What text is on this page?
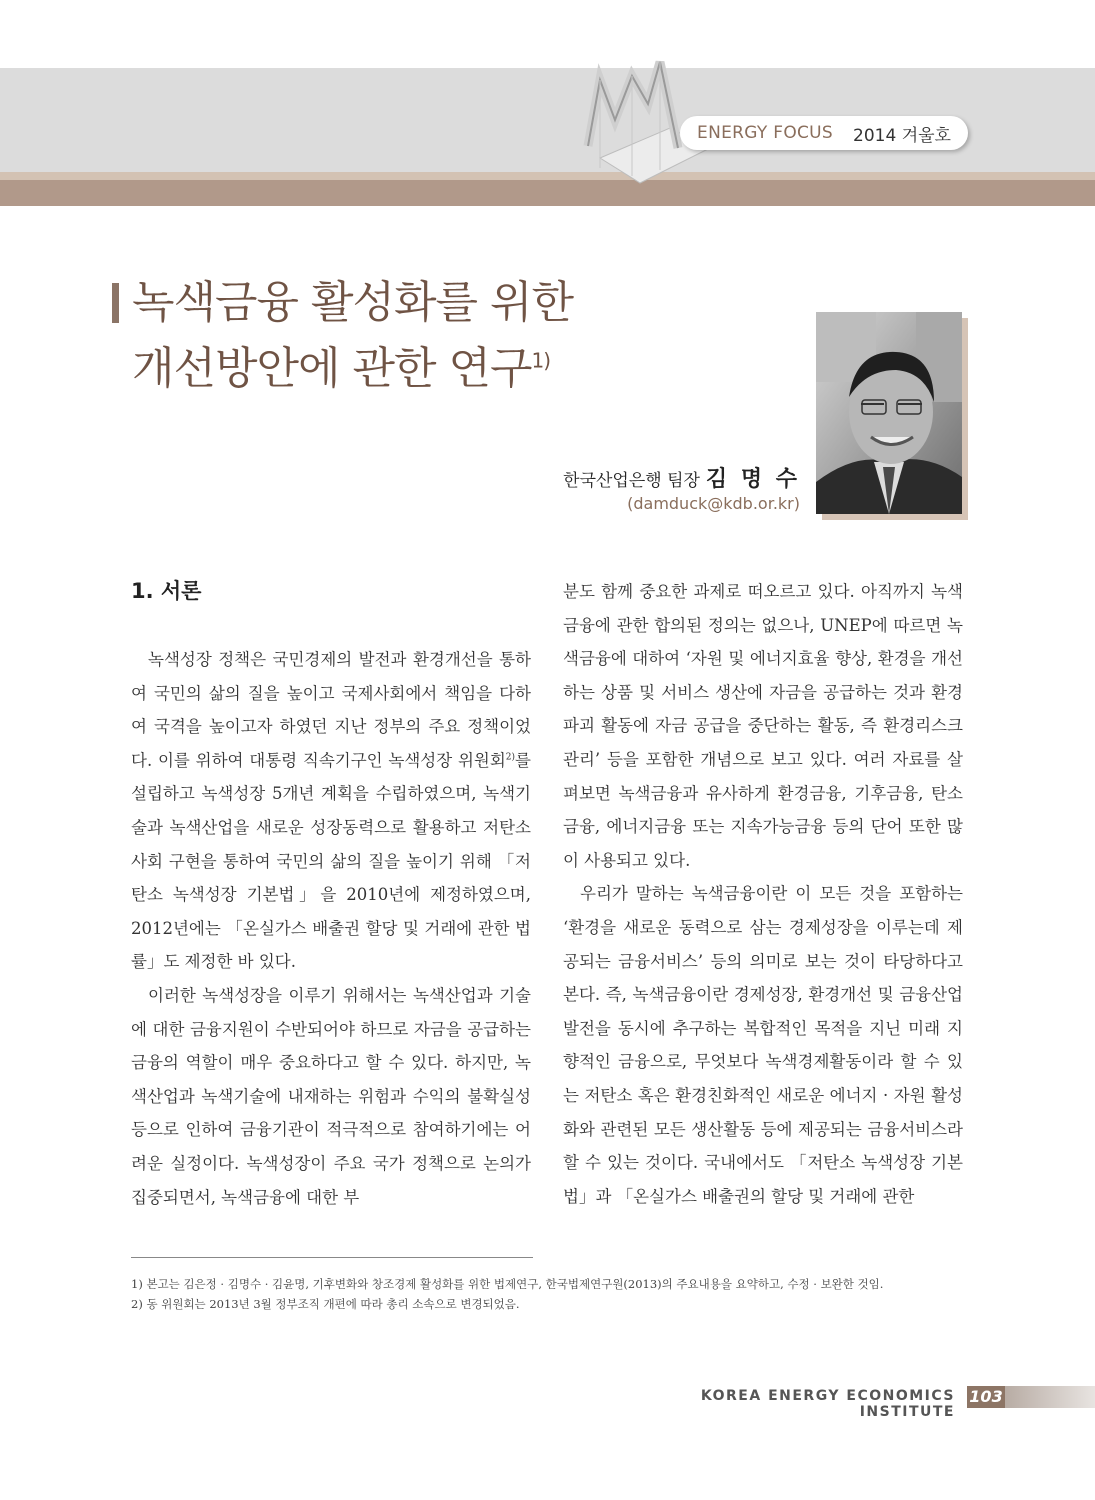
ENERGY FOCUS 2014 겨울호
녹색금융 활성화를 위한
개선방안에 관한 연구$^{1)}$
한국산업은행 팀장 김 명 수
(damduck@kdb.or.kr)
1. 서론

녹색성장 정책은 국민경제의 발전과 환경개선을 통하여 국민의 삶의 질을 높이고 국제사회에서 책임을 다하여 국격을 높이고자 하였던 지난 정부의 주요 정책이었다. 이를 위하여 대통령 직속기구인 녹색성장 위원회$^{2)}$를 설립하고 녹색성장 5개년 계획을 수립하였으며, 녹색기술과 녹색산업을 새로운 성장동력으로 활용하고 저탄소사회 구현을 통하여 국민의 삶의 질을 높이기 위해 「저탄소 녹색성장 기본법」을 2010년에 제정하였으며, 2012년에는 「온실가스 배출권 할당 및 거래에 관한 법률」도 제정한 바 있다.

이러한 녹색성장을 이루기 위해서는 녹색산업과 기술에 대한 금융지원이 수반되어야 하므로 자금을 공급하는 금융의 역할이 매우 중요하다고 할 수 있다. 하지만, 녹색산업과 녹색기술에 내재하는 위험과 수익의 불확실성 등으로 인하여 금융기관이 적극적으로 참여하기에는 어려운 실정이다. 녹색성장이 주요 국가 정책으로 논의가 집중되면서, 녹색금융에 대한 부

분도 함께 중요한 과제로 떠오르고 있다. 아직까지 녹색금융에 관한 합의된 정의는 없으나, UNEP에 따르면 녹색금융에 대하여 ‘자원 및 에너지효율 향상, 환경을 개선하는 상품 및 서비스 생산에 자금을 공급하는 것과 환경파괴 활동에 자금 공급을 중단하는 활동, 즉 환경리스크 관리’ 등을 포함한 개념으로 보고 있다. 여러 자료를 살펴보면 녹색금융과 유사하게 환경금융, 기후금융, 탄소금융, 에너지금융 또는 지속가능금융 등의 단어 또한 많이 사용되고 있다.

우리가 말하는 녹색금융이란 이 모든 것을 포함하는 ‘환경을 새로운 동력으로 삼는 경제성장을 이루는데 제공되는 금융서비스’ 등의 의미로 보는 것이 타당하다고 본다. 즉, 녹색금융이란 경제성장, 환경개선 및 금융산업 발전을 동시에 추구하는 복합적인 목적을 지닌 미래 지향적인 금융으로, 무엇보다 녹색경제활동이라 할 수 있는 저탄소 혹은 환경친화적인 새로운 에너지 · 자원 활성화와 관련된 모든 생산활동 등에 제공되는 금융서비스라 할 수 있는 것이다. 국내에서도 「저탄소 녹색성장 기본법」과 「온실가스 배출권의 할당 및 거래에 관한

1) 본고는 김은정 · 김명수 · 김윤명, 기후변화와 창조경제 활성화를 위한 법제연구, 한국법제연구원(2013)의 주요내용을 요약하고, 수정 · 보완한 것임.
2) 동 위원회는 2013년 3월 정부조직 개편에 따라 총리 소속으로 변경되었음.
KOREA ENERGY ECONOMICS INSTITUTE
103
